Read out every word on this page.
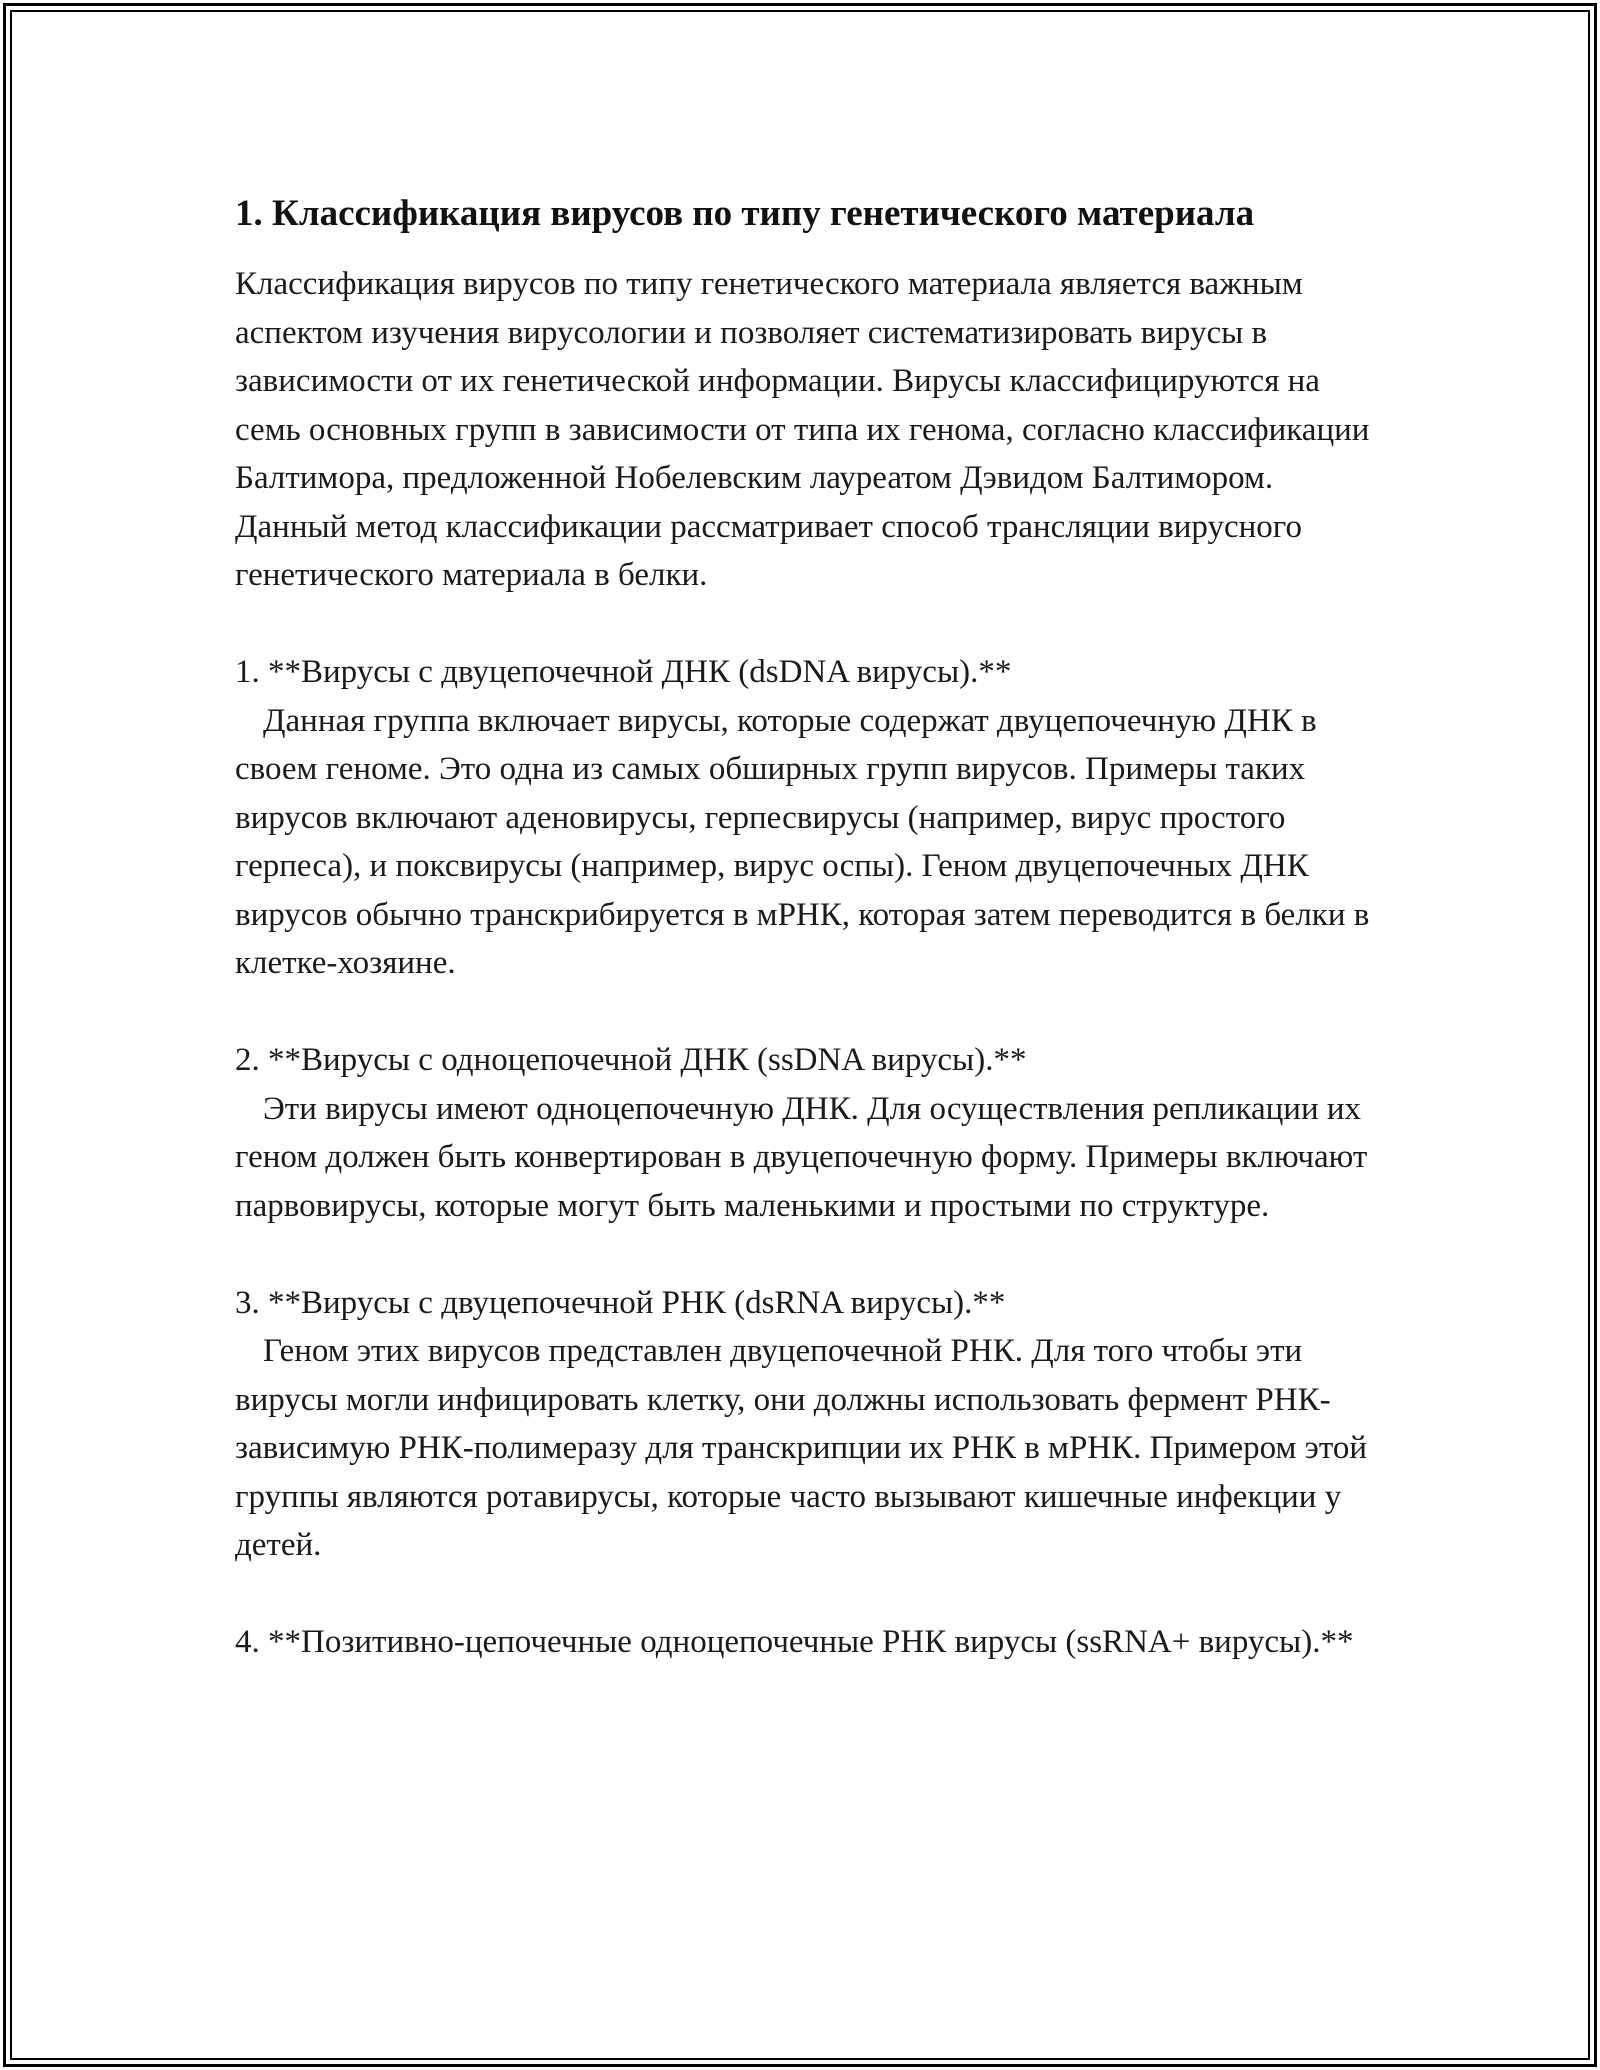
1. Классификация вирусов по типу генетического материала

Классификация вирусов по типу генетического материала является важным аспектом изучения вирусологии и позволяет систематизировать вирусы в зависимости от их генетической информации. Вирусы классифицируются на семь основных групп в зависимости от типа их генома, согласно классификации Балтимора, предложенной Нобелевским лауреатом Дэвидом Балтимором. Данный метод классификации рассматривает способ трансляции вирусного генетического материала в белки.

1. **Вирусы с двуцепочечной ДНК (dsDNA вирусы).**
Данная группа включает вирусы, которые содержат двуцепочечную ДНК в своем геноме. Это одна из самых обширных групп вирусов. Примеры таких вирусов включают аденовирусы, герпесвирусы (например, вирус простого герпеса), и поксвирусы (например, вирус оспы). Геном двуцепочечных ДНК вирусов обычно транскрибируется в мРНК, которая затем переводится в белки в клетке-хозяине.
2. **Вирусы с одноцепочечной ДНК (ssDNA вирусы).**
Эти вирусы имеют одноцепочечную ДНК. Для осуществления репликации их геном должен быть конвертирован в двуцепочечную форму. Примеры включают парвовирусы, которые могут быть маленькими и простыми по структуре.
3. **Вирусы с двуцепочечной РНК (dsRNA вирусы).**
Геном этих вирусов представлен двуцепочечной РНК. Для того чтобы эти вирусы могли инфицировать клетку, они должны использовать фермент РНК-зависимую РНК-полимеразу для транскрипции их РНК в мРНК. Примером этой группы являются ротавирусы, которые часто вызывают кишечные инфекции у детей.
4. **Позитивно-цепочечные одноцепочечные РНК вирусы (ssRNA+ вирусы).**
